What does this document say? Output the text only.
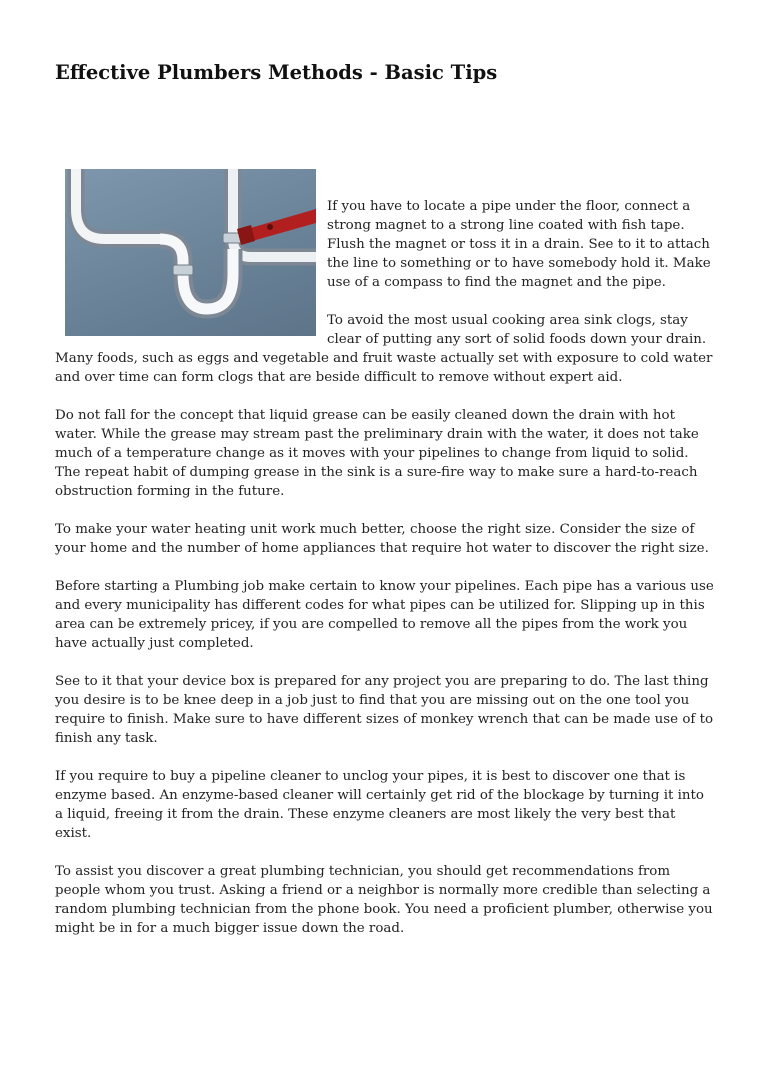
Effective Plumbers Methods - Basic Tips

If you have to locate a pipe under the floor, connect a strong magnet to a strong line coated with fish tape. Flush the magnet or toss it in a drain. See to it to attach the line to something or to have somebody hold it. Make use of a compass to find the magnet and the pipe.

To avoid the most usual cooking area sink clogs, stay clear of putting any sort of solid foods down your drain. Many foods, such as eggs and vegetable and fruit waste actually set with exposure to cold water and over time can form clogs that are beside difficult to remove without expert aid.

Do not fall for the concept that liquid grease can be easily cleaned down the drain with hot water. While the grease may stream past the preliminary drain with the water, it does not take much of a temperature change as it moves with your pipelines to change from liquid to solid. The repeat habit of dumping grease in the sink is a sure-fire way to make sure a hard-to-reach obstruction forming in the future.

To make your water heating unit work much better, choose the right size. Consider the size of your home and the number of home appliances that require hot water to discover the right size.

Before starting a Plumbing job make certain to know your pipelines. Each pipe has a various use and every municipality has different codes for what pipes can be utilized for. Slipping up in this area can be extremely pricey, if you are compelled to remove all the pipes from the work you have actually just completed.

See to it that your device box is prepared for any project you are preparing to do. The last thing you desire is to be knee deep in a job just to find that you are missing out on the one tool you require to finish. Make sure to have different sizes of monkey wrench that can be made use of to finish any task.

If you require to buy a pipeline cleaner to unclog your pipes, it is best to discover one that is enzyme based. An enzyme-based cleaner will certainly get rid of the blockage by turning it into a liquid, freeing it from the drain. These enzyme cleaners are most likely the very best that exist.

To assist you discover a great plumbing technician, you should get recommendations from people whom you trust. Asking a friend or a neighbor is normally more credible than selecting a random plumbing technician from the phone book. You need a proficient plumber, otherwise you might be in for a much bigger issue down the road.
